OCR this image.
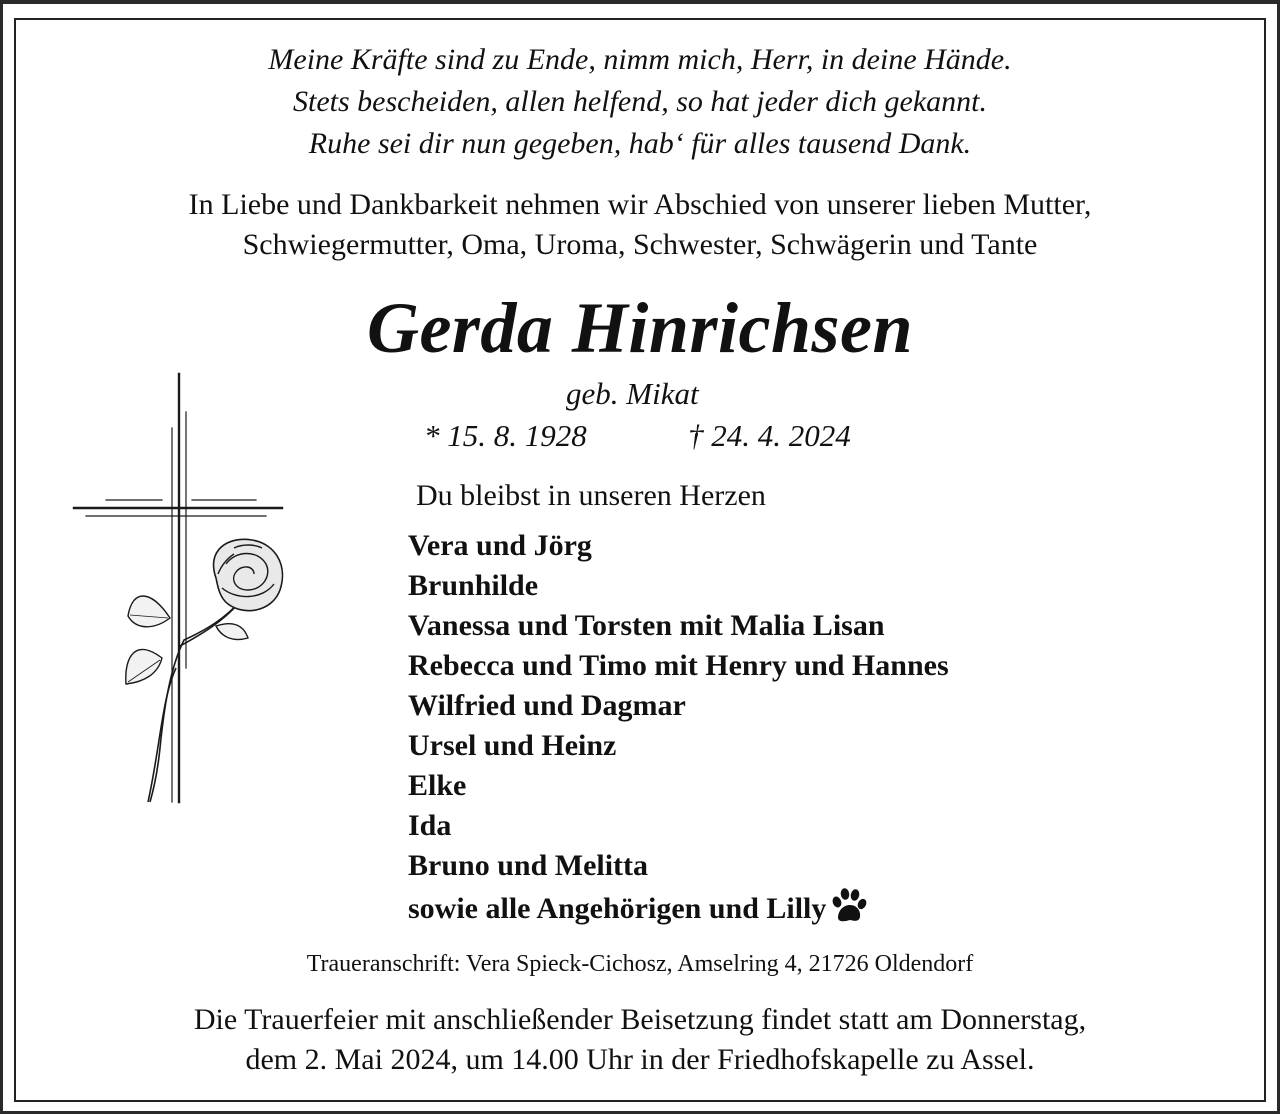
Meine Kräfte sind zu Ende, nimm mich, Herr, in deine Hände.
Stets bescheiden, allen helfend, so hat jeder dich gekannt.
Ruhe sei dir nun gegeben, hab‘ für alles tausend Dank.
In Liebe und Dankbarkeit nehmen wir Abschied von unserer lieben Mutter,
Schwiegermutter, Oma, Uroma, Schwester, Schwägerin und Tante
Gerda Hinrichsen
geb. Mikat
* 15. 8. 1928	† 24. 4. 2024
Du bleibst in unseren Herzen
Vera und Jörg
Brunhilde
Vanessa und Torsten mit Malia Lisan
Rebecca und Timo mit Henry und Hannes
Wilfried und Dagmar
Ursel und Heinz
Elke
Ida
Bruno und Melitta
sowie alle Angehörigen und Lilly
Traueranschrift: Vera Spieck-Cichosz, Amselring 4, 21726 Oldendorf
Die Trauerfeier mit anschließender Beisetzung findet statt am Donnerstag,
dem 2. Mai 2024, um 14.00 Uhr in der Friedhofskapelle zu Assel.
